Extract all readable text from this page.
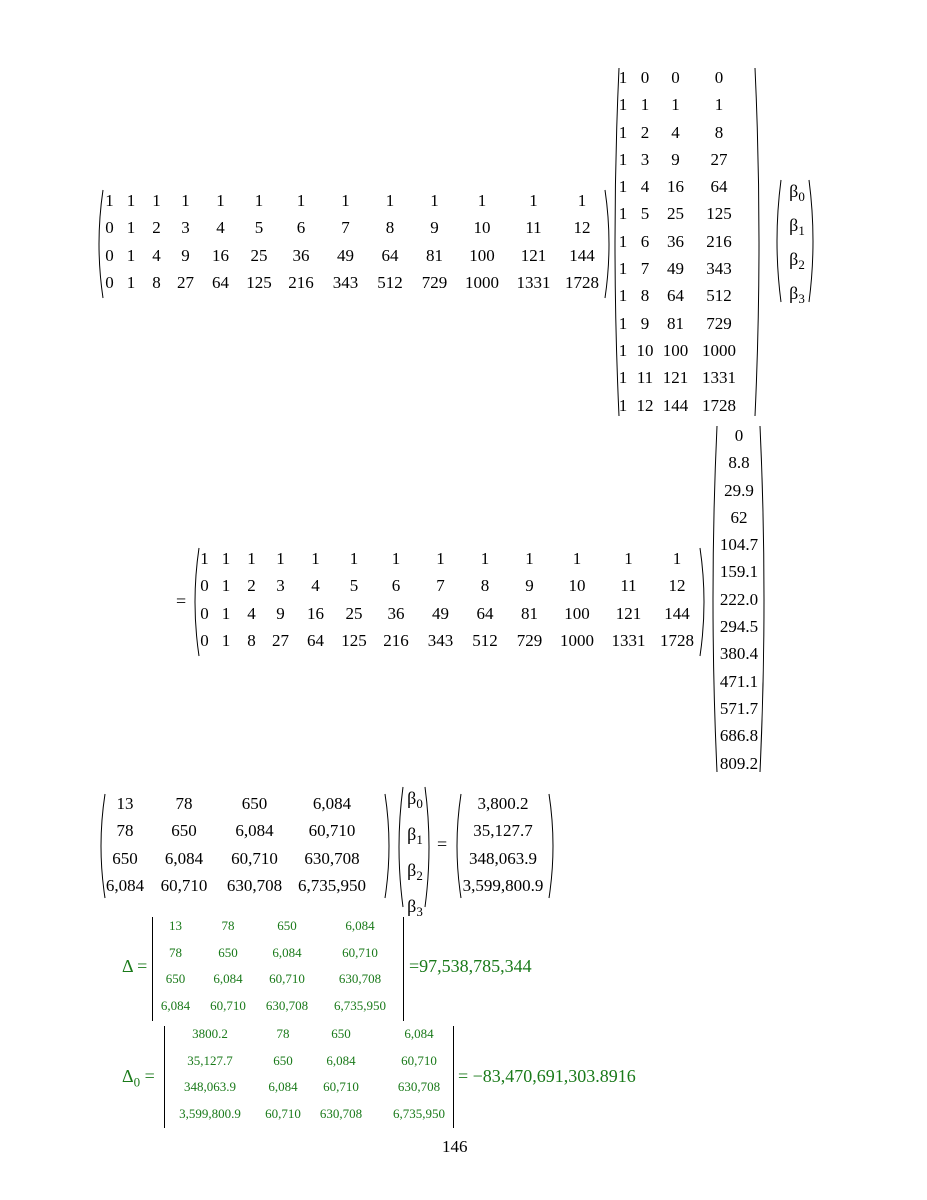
1 1	1	1	1	1	1	1	1	1	1	1	1
0 1	2	3	4	5	6	7	8	9	10	11	12
0 1	4	9	16	25	36	49	64	81	100	121	144
0 1	8 27	64	125 216	343	512	729	1000	1331 1728
1 0	0	0
1 1	1	1
1 2	4	8
1 3	9	27
1 4	16	64
1 5	25	125
1 6	36	216
1 7	49	343
1 8	64	512
1 9	81	729
1 10 100 1000
1 11 121 1331
1 12 144 1728
$\beta_0$
$\beta_1$
$\beta_2$
$\beta_3$
=
1 1	1	1	1	1	1	1	1	1	1	1	1
0 1	2	3	4	5	6	7	8	9	10	11	12
0 1	4	9	16	25	36	49	64	81	100	121	144
0 1	8 27	64	125 216	343	512	729	1000	1331 1728
0
8.8
29.9
62
104.7
159.1
222.0
294.5
380.4
471.1
571.7
686.8
809.2
13	78	650	6,084
78	650	6,084	60,710
650	6,084	60,710	630,708
6,084 60,710	630,708 6,735,950
$\beta_0$
$\beta_1$
$\beta_2$
$\beta_3$
=
3,800.2
35,127.7
348,063.9
3,599,800.9
Δ =
13	78	650	6,084
78	650	6,084	60,710
650	6,084	60,710	630,708
6,084	60,710	630,708	6,735,950
=97,538,785,344
$\Delta_0$ =
3800.2	78	650	6,084
35,127.7	650	6,084	60,710
348,063.9	6,084	60,710	630,708
3,599,800.9	60,710	630,708	6,735,950
= −83,470,691,303.8916
146
